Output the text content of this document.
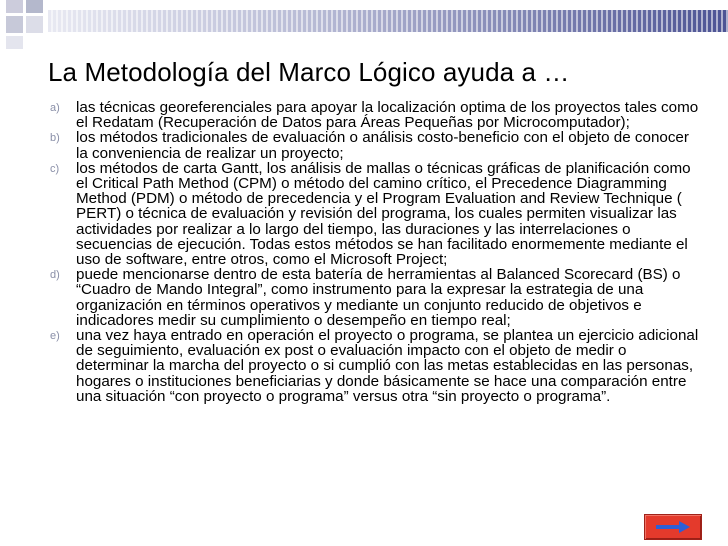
La Metodología del Marco Lógico ayuda a …
a) las técnicas georeferenciales para apoyar la localización optima de los proyectos tales como el Redatam (Recuperación de Datos para Áreas Pequeñas por Microcomputador);
b) los métodos tradicionales de evaluación o análisis costo-beneficio con el objeto de conocer la conveniencia de realizar un proyecto;
c) los métodos de carta Gantt, los análisis de mallas o técnicas gráficas de planificación como el Critical Path Method (CPM) o método del camino crítico, el Precedence Diagramming Method (PDM) o método de precedencia y el Program Evaluation and Review Technique ( PERT) o técnica de evaluación y revisión del programa, los cuales permiten visualizar las actividades por realizar a lo largo del tiempo, las duraciones y las interrelaciones o secuencias de ejecución. Todas estos métodos se han facilitado enormemente mediante el uso de software, entre otros, como el Microsoft Project;
d) puede mencionarse dentro de esta batería de herramientas al Balanced Scorecard (BS) o “Cuadro de Mando Integral”, como instrumento para la expresar la estrategia de una organización en términos operativos y mediante un conjunto reducido de objetivos e indicadores medir su cumplimiento o desempeño en tiempo real;
e) una vez haya entrado en operación el proyecto o programa, se plantea un ejercicio adicional de seguimiento, evaluación ex post o evaluación impacto con el objeto de medir o determinar la marcha del proyecto o si cumplió con las metas establecidas en las personas, hogares o instituciones beneficiarias y donde básicamente se hace una comparación entre una situación “con proyecto o programa” versus otra “sin proyecto o programa”.
